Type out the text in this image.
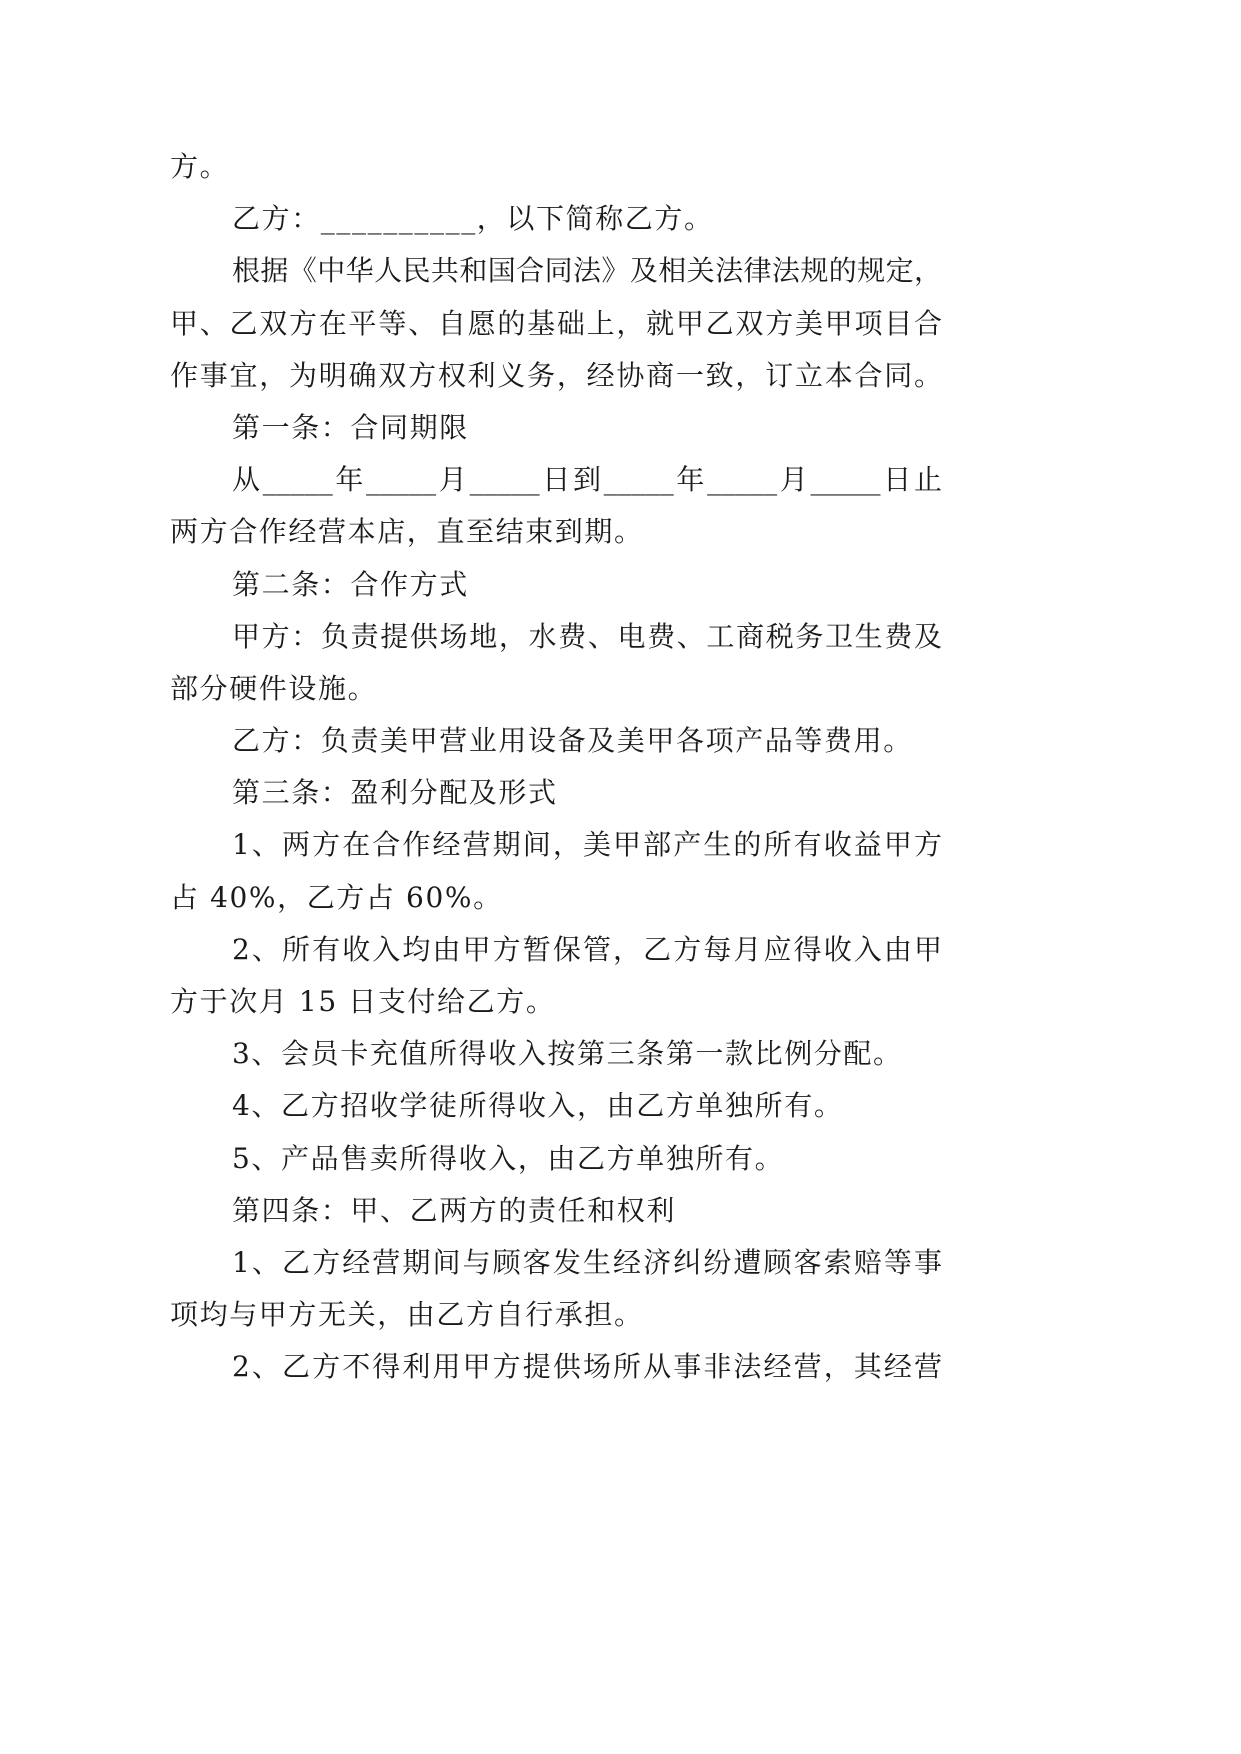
方。
乙方：__________，以下简称乙方。
根据《中华人民共和国合同法》及相关法律法规的规定，
甲、乙双方在平等、自愿的基础上，就甲乙双方美甲项目合
作事宜，为明确双方权利义务，经协商一致，订立本合同。
第一条：合同期限
从_____年_____月_____日到_____年_____月_____日止
两方合作经营本店，直至结束到期。
第二条：合作方式
甲方：负责提供场地，水费、电费、工商税务卫生费及
部分硬件设施。
乙方：负责美甲营业用设备及美甲各项产品等费用。
第三条：盈利分配及形式
1、两方在合作经营期间，美甲部产生的所有收益甲方
占 40%，乙方占 60%。
2、所有收入均由甲方暂保管，乙方每月应得收入由甲
方于次月 15 日支付给乙方。
3、会员卡充值所得收入按第三条第一款比例分配。
4、乙方招收学徒所得收入，由乙方单独所有。
5、产品售卖所得收入，由乙方单独所有。
第四条：甲、乙两方的责任和权利
1、乙方经营期间与顾客发生经济纠纷遭顾客索赔等事
项均与甲方无关，由乙方自行承担。
2、乙方不得利用甲方提供场所从事非法经营，其经营
